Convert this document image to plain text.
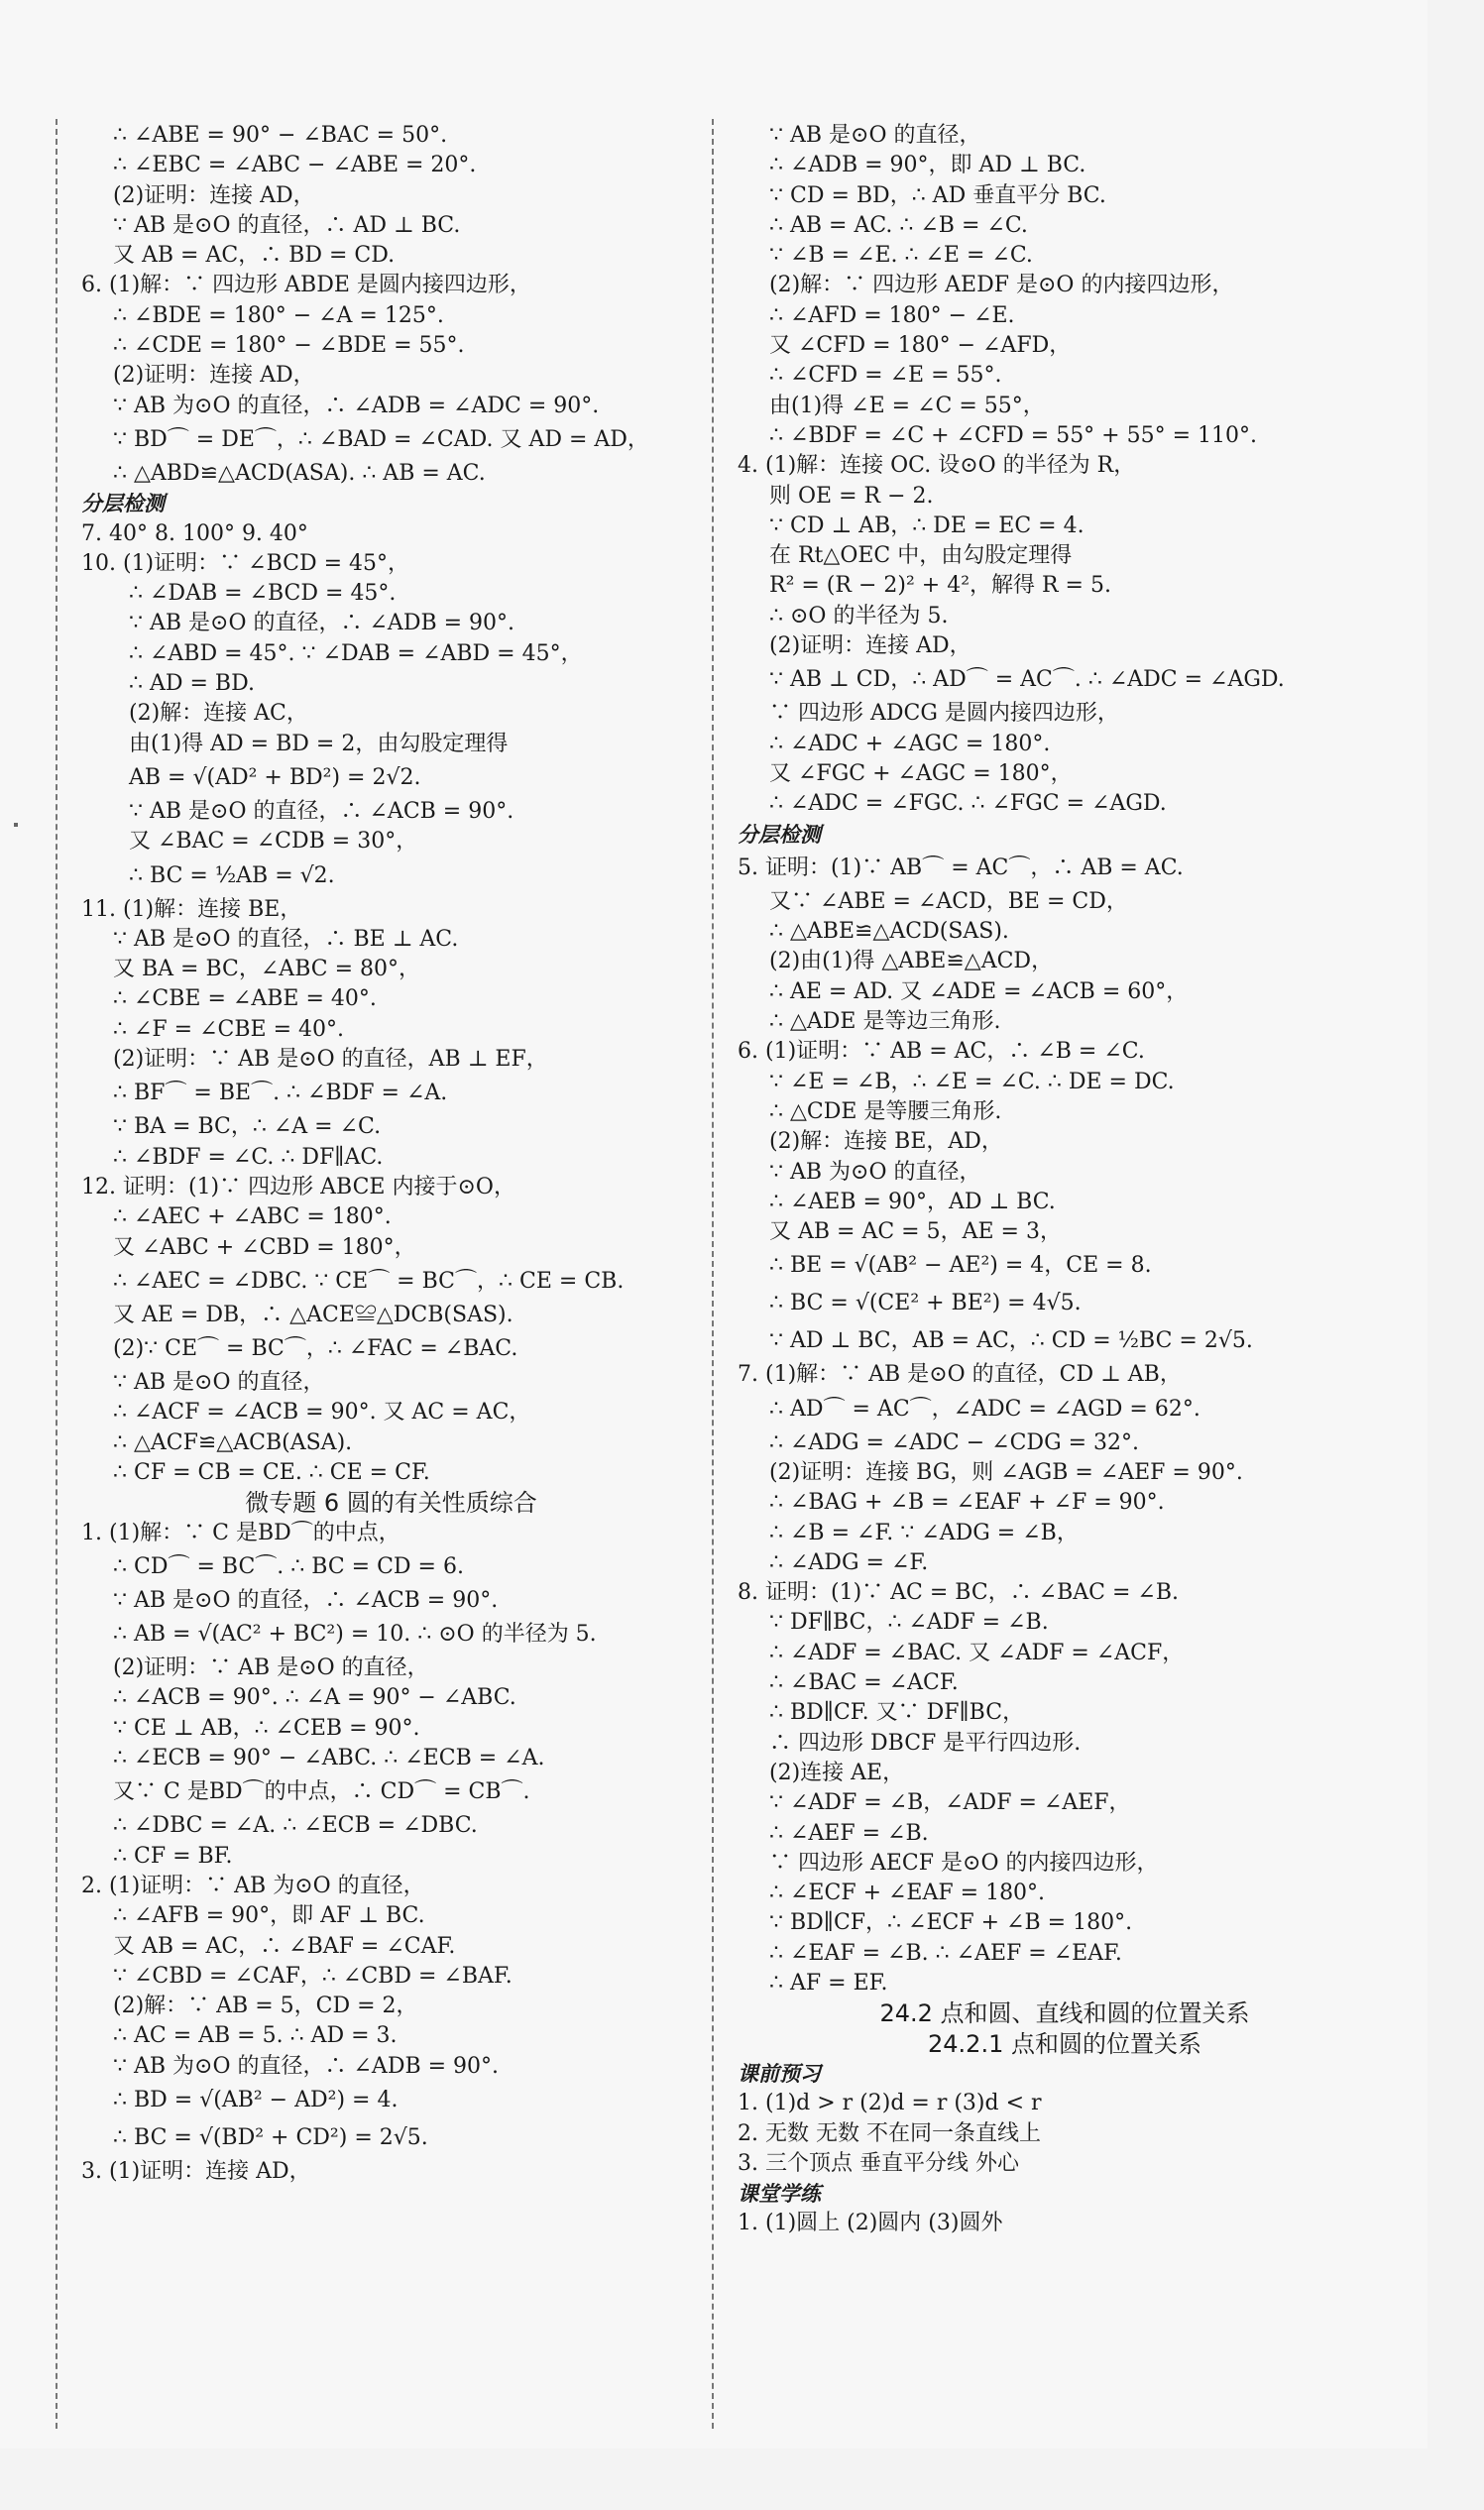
∴ ∠ABE = 90° − ∠BAC = 50°.
∴ ∠EBC = ∠ABC − ∠ABE = 20°.
(2)证明：连接 AD，
∵ AB 是⊙O 的直径，∴ AD ⊥ BC.
又 AB = AC，∴ BD = CD.
6. (1)解：∵ 四边形 ABDE 是圆内接四边形，
∴ ∠BDE = 180° − ∠A = 125°.
∴ ∠CDE = 180° − ∠BDE = 55°.
(2)证明：连接 AD，
∵ AB 为⊙O 的直径，∴ ∠ADB = ∠ADC = 90°.
∵ BD⌒ = DE⌒，∴ ∠BAD = ∠CAD. 又 AD = AD，
∴ △ABD≌△ACD(ASA). ∴ AB = AC.
分层检测
7. 40° 8. 100° 9. 40°
10. (1)证明：∵ ∠BCD = 45°，
∴ ∠DAB = ∠BCD = 45°.
∵ AB 是⊙O 的直径，∴ ∠ADB = 90°.
∴ ∠ABD = 45°. ∵ ∠DAB = ∠ABD = 45°，
∴ AD = BD.
(2)解：连接 AC，
由(1)得 AD = BD = 2，由勾股定理得
AB = √(AD² + BD²) = 2√2.
∵ AB 是⊙O 的直径，∴ ∠ACB = 90°.
又 ∠BAC = ∠CDB = 30°，
∴ BC = ½AB = √2.
11. (1)解：连接 BE，
∵ AB 是⊙O 的直径，∴ BE ⊥ AC.
又 BA = BC，∠ABC = 80°，
∴ ∠CBE = ∠ABE = 40°.
∴ ∠F = ∠CBE = 40°.
(2)证明：∵ AB 是⊙O 的直径，AB ⊥ EF，
∴ BF⌒ = BE⌒. ∴ ∠BDF = ∠A.
∵ BA = BC，∴ ∠A = ∠C.
∴ ∠BDF = ∠C. ∴ DF∥AC.
12. 证明：(1)∵ 四边形 ABCE 内接于⊙O，
∴ ∠AEC + ∠ABC = 180°.
又 ∠ABC + ∠CBD = 180°，
∴ ∠AEC = ∠DBC. ∵ CE⌒ = BC⌒，∴ CE = CB.
又 AE = DB，∴ △ACE≌△DCB(SAS).
(2)∵ CE⌒ = BC⌒，∴ ∠FAC = ∠BAC.
∵ AB 是⊙O 的直径，
∴ ∠ACF = ∠ACB = 90°. 又 AC = AC，
∴ △ACF≌△ACB(ASA).
∴ CF = CB = CE. ∴ CE = CF.
微专题 6 圆的有关性质综合
1. (1)解：∵ C 是BD⌒的中点，
∴ CD⌒ = BC⌒. ∴ BC = CD = 6.
∵ AB 是⊙O 的直径，∴ ∠ACB = 90°.
∴ AB = √(AC² + BC²) = 10. ∴ ⊙O 的半径为 5.
(2)证明：∵ AB 是⊙O 的直径，
∴ ∠ACB = 90°. ∴ ∠A = 90° − ∠ABC.
∵ CE ⊥ AB，∴ ∠CEB = 90°.
∴ ∠ECB = 90° − ∠ABC. ∴ ∠ECB = ∠A.
又∵ C 是BD⌒的中点，∴ CD⌒ = CB⌒.
∴ ∠DBC = ∠A. ∴ ∠ECB = ∠DBC.
∴ CF = BF.
2. (1)证明：∵ AB 为⊙O 的直径，
∴ ∠AFB = 90°，即 AF ⊥ BC.
又 AB = AC，∴ ∠BAF = ∠CAF.
∵ ∠CBD = ∠CAF，∴ ∠CBD = ∠BAF.
(2)解：∵ AB = 5，CD = 2，
∴ AC = AB = 5. ∴ AD = 3.
∵ AB 为⊙O 的直径，∴ ∠ADB = 90°.
∴ BD = √(AB² − AD²) = 4.
∴ BC = √(BD² + CD²) = 2√5.
3. (1)证明：连接 AD，
∵ AB 是⊙O 的直径，
∴ ∠ADB = 90°，即 AD ⊥ BC.
∵ CD = BD，∴ AD 垂直平分 BC.
∴ AB = AC. ∴ ∠B = ∠C.
∵ ∠B = ∠E. ∴ ∠E = ∠C.
(2)解：∵ 四边形 AEDF 是⊙O 的内接四边形，
∴ ∠AFD = 180° − ∠E.
又 ∠CFD = 180° − ∠AFD，
∴ ∠CFD = ∠E = 55°.
由(1)得 ∠E = ∠C = 55°，
∴ ∠BDF = ∠C + ∠CFD = 55° + 55° = 110°.
4. (1)解：连接 OC. 设⊙O 的半径为 R，
则 OE = R − 2.
∵ CD ⊥ AB，∴ DE = EC = 4.
在 Rt△OEC 中，由勾股定理得
R² = (R − 2)² + 4²，解得 R = 5.
∴ ⊙O 的半径为 5.
(2)证明：连接 AD，
∵ AB ⊥ CD，∴ AD⌒ = AC⌒. ∴ ∠ADC = ∠AGD.
∵ 四边形 ADCG 是圆内接四边形，
∴ ∠ADC + ∠AGC = 180°.
又 ∠FGC + ∠AGC = 180°，
∴ ∠ADC = ∠FGC. ∴ ∠FGC = ∠AGD.
分层检测
5. 证明：(1)∵ AB⌒ = AC⌒，∴ AB = AC.
又∵ ∠ABE = ∠ACD，BE = CD，
∴ △ABE≌△ACD(SAS).
(2)由(1)得 △ABE≌△ACD，
∴ AE = AD. 又 ∠ADE = ∠ACB = 60°，
∴ △ADE 是等边三角形.
6. (1)证明：∵ AB = AC，∴ ∠B = ∠C.
∵ ∠E = ∠B，∴ ∠E = ∠C. ∴ DE = DC.
∴ △CDE 是等腰三角形.
(2)解：连接 BE，AD，
∵ AB 为⊙O 的直径，
∴ ∠AEB = 90°，AD ⊥ BC.
又 AB = AC = 5，AE = 3，
∴ BE = √(AB² − AE²) = 4，CE = 8.
∴ BC = √(CE² + BE²) = 4√5.
∵ AD ⊥ BC，AB = AC，∴ CD = ½BC = 2√5.
7. (1)解：∵ AB 是⊙O 的直径，CD ⊥ AB，
∴ AD⌒ = AC⌒，∠ADC = ∠AGD = 62°.
∴ ∠ADG = ∠ADC − ∠CDG = 32°.
(2)证明：连接 BG，则 ∠AGB = ∠AEF = 90°.
∴ ∠BAG + ∠B = ∠EAF + ∠F = 90°.
∴ ∠B = ∠F. ∵ ∠ADG = ∠B，
∴ ∠ADG = ∠F.
8. 证明：(1)∵ AC = BC，∴ ∠BAC = ∠B.
∵ DF∥BC，∴ ∠ADF = ∠B.
∴ ∠ADF = ∠BAC. 又 ∠ADF = ∠ACF，
∴ ∠BAC = ∠ACF.
∴ BD∥CF. 又∵ DF∥BC，
∴ 四边形 DBCF 是平行四边形.
(2)连接 AE，
∵ ∠ADF = ∠B，∠ADF = ∠AEF，
∴ ∠AEF = ∠B.
∵ 四边形 AECF 是⊙O 的内接四边形，
∴ ∠ECF + ∠EAF = 180°.
∵ BD∥CF，∴ ∠ECF + ∠B = 180°.
∴ ∠EAF = ∠B. ∴ ∠AEF = ∠EAF.
∴ AF = EF.
24.2 点和圆、直线和圆的位置关系
24.2.1 点和圆的位置关系
课前预习
1. (1)d > r (2)d = r (3)d < r
2. 无数 无数 不在同一条直线上
3. 三个顶点 垂直平分线 外心
课堂学练
1. (1)圆上 (2)圆内 (3)圆外
